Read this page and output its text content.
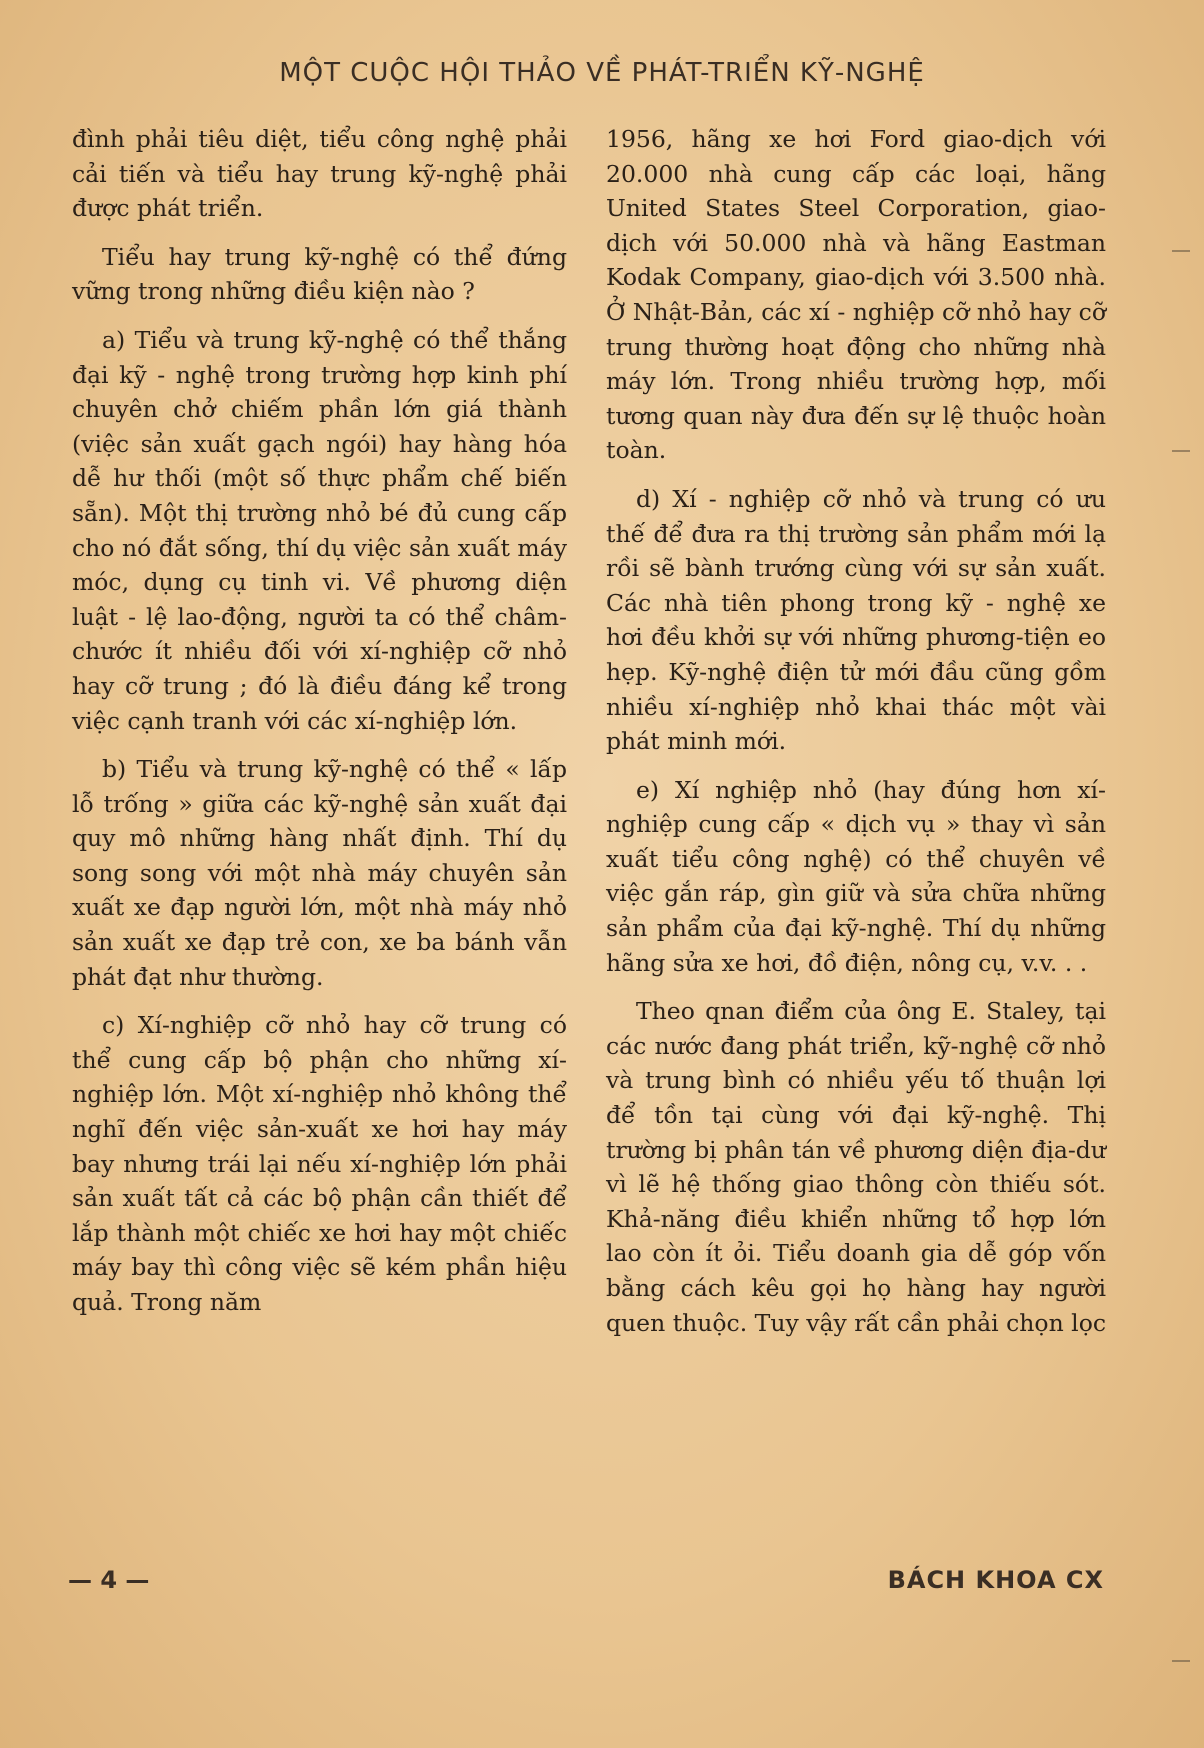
MỘT CUỘC HỘI THẢO VỀ PHÁT-TRIỂN KỸ-NGHỆ

đình phải tiêu diệt, tiểu công nghệ phải cải tiến và tiểu hay trung kỹ-nghệ phải được phát triển.

Tiểu hay trung kỹ-nghệ có thể đứng vững trong những điều kiện nào ?

a) Tiểu và trung kỹ-nghệ có thể thắng đại kỹ - nghệ trong trường hợp kinh phí chuyên chở chiếm phần lớn giá thành (việc sản xuất gạch ngói) hay hàng hóa dễ hư thối (một số thực phẩm chế biến sẵn). Một thị trường nhỏ bé đủ cung cấp cho nó đắt sống, thí dụ việc sản xuất máy móc, dụng cụ tinh vi. Về phương diện luật - lệ lao-động, người ta có thể châm-chước ít nhiều đối với xí-nghiệp cỡ nhỏ hay cỡ trung ; đó là điều đáng kể trong việc cạnh tranh với các xí-nghiệp lớn.

b) Tiểu và trung kỹ-nghệ có thể « lấp lỗ trống » giữa các kỹ-nghệ sản xuất đại quy mô những hàng nhất định. Thí dụ song song với một nhà máy chuyên sản xuất xe đạp người lớn, một nhà máy nhỏ sản xuất xe đạp trẻ con, xe ba bánh vẫn phát đạt như thường.

c) Xí-nghiệp cỡ nhỏ hay cỡ trung có thể cung cấp bộ phận cho những xí-nghiệp lớn. Một xí-nghiệp nhỏ không thể nghĩ đến việc sản-xuất xe hơi hay máy bay nhưng trái lại nếu xí-nghiệp lớn phải sản xuất tất cả các bộ phận cần thiết để lắp thành một chiếc xe hơi hay một chiếc máy bay thì công việc sẽ kém phần hiệu quả. Trong năm

1956, hãng xe hơi Ford giao-dịch với 20.000 nhà cung cấp các loại, hãng United States Steel Corporation, giao-dịch với 50.000 nhà và hãng Eastman Kodak Company, giao-dịch với 3.500 nhà. Ở Nhật-Bản, các xí - nghiệp cỡ nhỏ hay cỡ trung thường hoạt động cho những nhà máy lớn. Trong nhiều trường hợp, mối tương quan này đưa đến sự lệ thuộc hoàn toàn.

d) Xí - nghiệp cỡ nhỏ và trung có ưu thế để đưa ra thị trường sản phẩm mới lạ rồi sẽ bành trướng cùng với sự sản xuất. Các nhà tiên phong trong kỹ - nghệ xe hơi đều khởi sự với những phương-tiện eo hẹp. Kỹ-nghệ điện tử mới đầu cũng gồm nhiều xí-nghiệp nhỏ khai thác một vài phát minh mới.

e) Xí nghiệp nhỏ (hay đúng hơn xí-nghiệp cung cấp « dịch vụ » thay vì sản xuất tiểu công nghệ) có thể chuyên về việc gắn ráp, gìn giữ và sửa chữa những sản phẩm của đại kỹ-nghệ. Thí dụ những hãng sửa xe hơi, đồ điện, nông cụ, v.v. . .

Theo qnan điểm của ông E. Staley, tại các nước đang phát triển, kỹ-nghệ cỡ nhỏ và trung bình có nhiều yếu tố thuận lợi để tồn tại cùng với đại kỹ-nghệ. Thị trường bị phân tán về phương diện địa-dư vì lẽ hệ thống giao thông còn thiếu sót. Khả-năng điều khiển những tổ hợp lớn lao còn ít ỏi. Tiểu doanh gia dễ góp vốn bằng cách kêu gọi họ hàng hay người quen thuộc. Tuy vậy rất cần phải chọn lọc

— 4 —	BÁCH KHOA CX
